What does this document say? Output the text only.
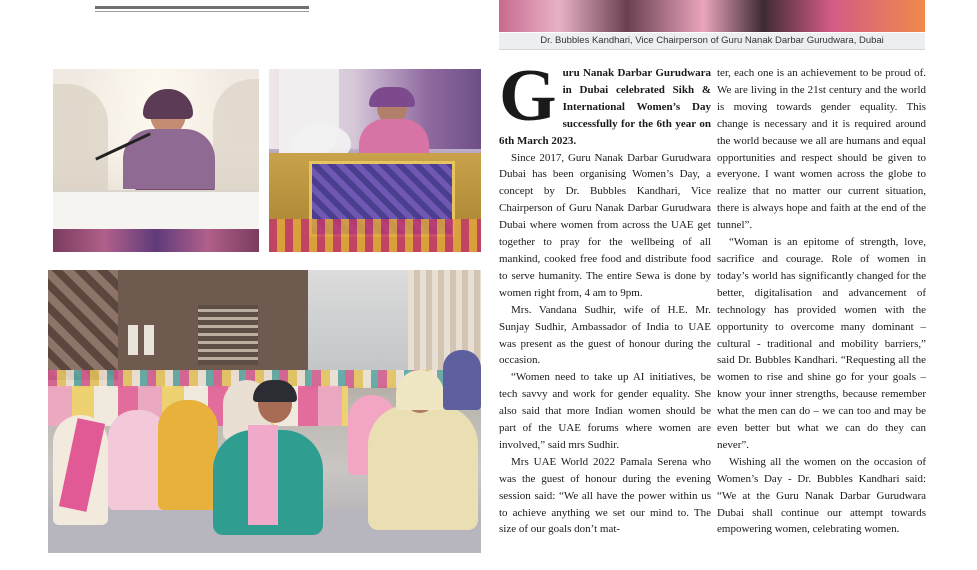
Dr. Bubbles Kandhari, Vice Chairperson of Guru Nanak Darbar Gurudwara, Dubai

Guru Nanak Darbar Gurudwara in Dubai celebrated Sikh & International Women’s Day successfully for the 6th year on 6th March 2023.

Since 2017, Guru Nanak Darbar Gurudwara Dubai has been organising Women’s Day, a concept by Dr. Bubbles Kandhari, Vice Chairperson of Guru Nanak Darbar Gurudwara Dubai where women from across the UAE get together to pray for the wellbeing of all mankind, cooked free food and distribute food to serve humanity. The entire Sewa is done by women right from, 4 am to 9pm.

Mrs. Vandana Sudhir, wife of H.E. Mr. Sunjay Sudhir, Ambassador of India to UAE was present as the guest of honour during the occasion.

“Women need to take up AI initiatives, be tech savvy and work for gender equality. She also said that more Indian women should be part of the UAE forums where women are involved,” said mrs Sudhir.

Mrs UAE World 2022 Pamala Serena who was the guest of honour during the evening session said: “We all have the power within us to achieve anything we set our mind to. The size of our goals don’t mat-

ter, each one is an achievement to be proud of. We are living in the 21st century and the world is moving towards gender equality. This change is necessary and it is required around the world because we all are humans and equal opportunities and respect should be given to everyone. I want women across the globe to realize that no matter our current situation, there is always hope and faith at the end of the tunnel”.

“Woman is an epitome of strength, love, sacrifice and courage. Role of women in today’s world has significantly changed for the better, digitalisation and advancement of technology has provided women with the opportunity to overcome many dominant – cultural - traditional and mobility barriers,” said Dr. Bubbles Kandhari. “Requesting all the women to rise and shine go for your goals – know your inner strengths, because remember what the men can do – we can too and may be even better but what we can do they can never”.

Wishing all the women on the occasion of Women’s Day - Dr. Bubbles Kandhari said: “We at the Guru Nanak Darbar Gurudwara Dubai shall continue our attempt towards empowering women, celebrating women.
